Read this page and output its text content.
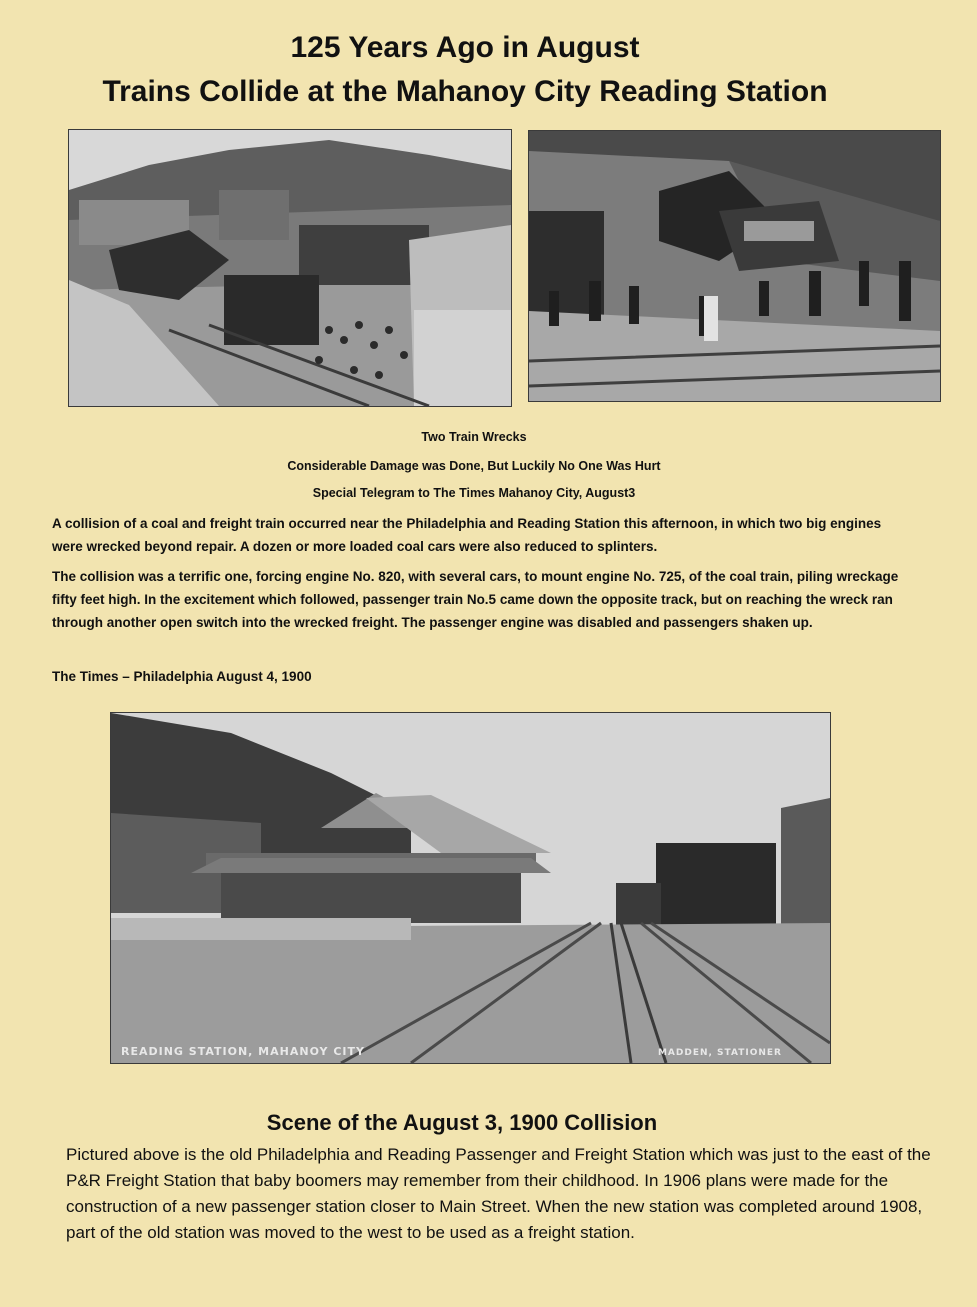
125 Years Ago in August
Trains Collide at the Mahanoy City Reading Station

Two Train Wrecks

Considerable Damage was Done, But Luckily No One Was Hurt

Special Telegram to The Times Mahanoy City, August3

A collision of a coal and freight train occurred near the Philadelphia and Reading Station this afternoon, in which two big engines were wrecked beyond repair. A dozen or more loaded coal cars were also reduced to splinters.

The collision was a terrific one, forcing engine No. 820, with several cars, to mount engine No. 725, of the coal train, piling wreckage fifty feet high. In the excitement which followed, passenger train No.5 came down the opposite track, but on reaching the wreck ran through another open switch into the wrecked freight. The passenger engine was disabled and passengers shaken up.

The Times – Philadelphia August 4, 1900

READING STATION, MAHANOY CITY	MADDEN, STATIONER
Scene of the August 3, 1900 Collision

Pictured above is the old Philadelphia and Reading Passenger and Freight Station which was just to the east of the P&R Freight Station that baby boomers may remember from their childhood. In 1906 plans were made for the construction of a new passenger station closer to Main Street. When the new station was completed around 1908, part of the old station was moved to the west to be used as a freight station.
